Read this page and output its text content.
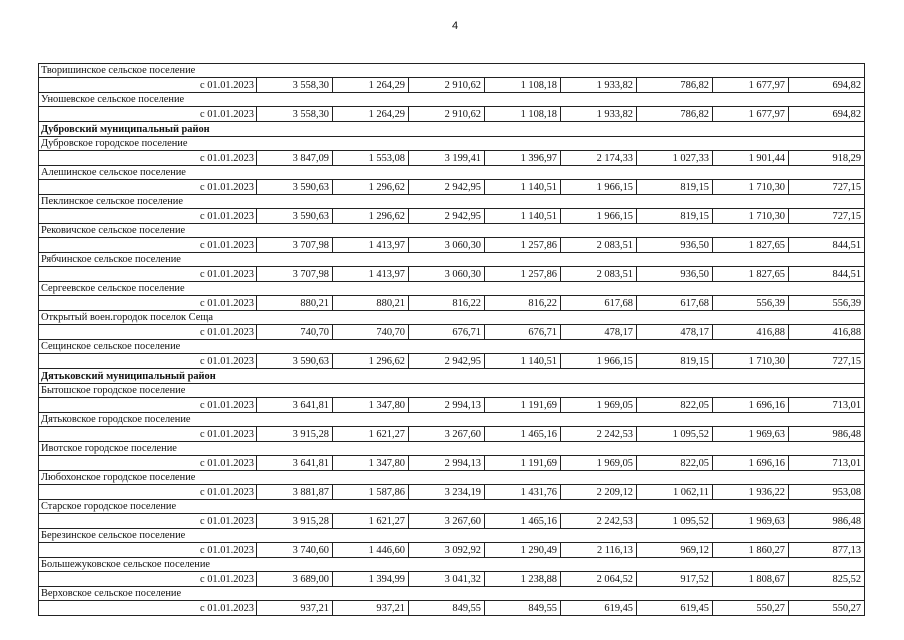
4
Творишинское сельское поселение								
с 01.01.2023	3 558,30	1 264,29	2 910,62	1 108,18	1 933,82	786,82	1 677,97	694,82
Уношевское сельское поселение								
с 01.01.2023	3 558,30	1 264,29	2 910,62	1 108,18	1 933,82	786,82	1 677,97	694,82
Дубровский муниципальный район								
Дубровское городское поселение								
с 01.01.2023	3 847,09	1 553,08	3 199,41	1 396,97	2 174,33	1 027,33	1 901,44	918,29
Алешинское сельское поселение								
с 01.01.2023	3 590,63	1 296,62	2 942,95	1 140,51	1 966,15	819,15	1 710,30	727,15
Пеклинское сельское поселение								
с 01.01.2023	3 590,63	1 296,62	2 942,95	1 140,51	1 966,15	819,15	1 710,30	727,15
Рековичское сельское поселение								
с 01.01.2023	3 707,98	1 413,97	3 060,30	1 257,86	2 083,51	936,50	1 827,65	844,51
Рябчинское сельское поселение								
с 01.01.2023	3 707,98	1 413,97	3 060,30	1 257,86	2 083,51	936,50	1 827,65	844,51
Сергеевское сельское поселение								
с 01.01.2023	880,21	880,21	816,22	816,22	617,68	617,68	556,39	556,39
Открытый воен.городок поселок Сеща								
с 01.01.2023	740,70	740,70	676,71	676,71	478,17	478,17	416,88	416,88
Сещинское сельское поселение								
с 01.01.2023	3 590,63	1 296,62	2 942,95	1 140,51	1 966,15	819,15	1 710,30	727,15
Дятьковский муниципальный район								
Бытошское городское поселение								
с 01.01.2023	3 641,81	1 347,80	2 994,13	1 191,69	1 969,05	822,05	1 696,16	713,01
Дятьковское городское поселение								
с 01.01.2023	3 915,28	1 621,27	3 267,60	1 465,16	2 242,53	1 095,52	1 969,63	986,48
Ивотское городское поселение								
с 01.01.2023	3 641,81	1 347,80	2 994,13	1 191,69	1 969,05	822,05	1 696,16	713,01
Любохонское городское поселение								
с 01.01.2023	3 881,87	1 587,86	3 234,19	1 431,76	2 209,12	1 062,11	1 936,22	953,08
Старское городское поселение								
с 01.01.2023	3 915,28	1 621,27	3 267,60	1 465,16	2 242,53	1 095,52	1 969,63	986,48
Березинское сельское поселение								
с 01.01.2023	3 740,60	1 446,60	3 092,92	1 290,49	2 116,13	969,12	1 860,27	877,13
Большежуковское сельское поселение								
с 01.01.2023	3 689,00	1 394,99	3 041,32	1 238,88	2 064,52	917,52	1 808,67	825,52
Верховское сельское поселение								
с 01.01.2023	937,21	937,21	849,55	849,55	619,45	619,45	550,27	550,27
